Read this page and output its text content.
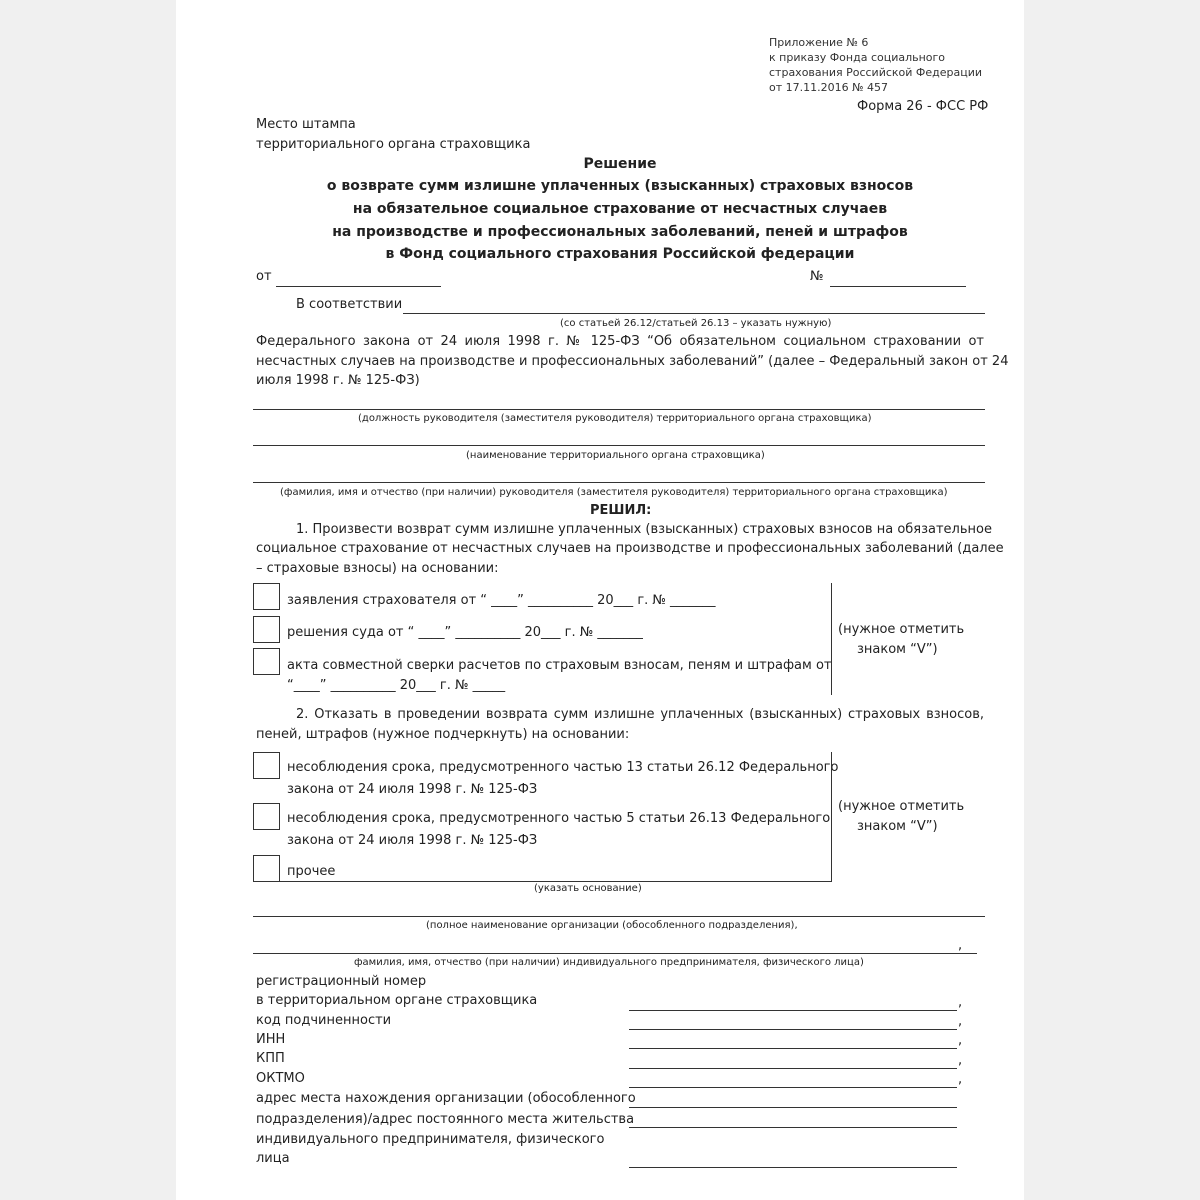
Приложение № 6
к приказу Фонда социального
страхования Российской Федерации
от 17.11.2016 № 457
Форма 26 - ФСС РФ
Место штампа
территориального органа страховщика
Решение
о возврате сумм излишне уплаченных (взысканных) страховых взносов
на обязательное социальное страхование от несчастных случаев
на производстве и профессиональных заболеваний, пеней и штрафов
в Фонд социального страхования Российской федерации
от	№
В соответствии
(со статьей 26.12/статьей 26.13 – указать нужную)
Федерального закона от 24 июля 1998 г. № 125-ФЗ “Об обязательном социальном страховании от
несчастных случаев на производстве и профессиональных заболеваний” (далее – Федеральный закон от 24
июля 1998 г. № 125-ФЗ)
(должность руководителя (заместителя руководителя) территориального органа страховщика)
(наименование территориального органа страховщика)
(фамилия, имя и отчество (при наличии) руководителя (заместителя руководителя) территориального органа страховщика)
РЕШИЛ:
1. Произвести возврат сумм излишне уплаченных (взысканных) страховых взносов на обязательное
социальное страхование от несчастных случаев на производстве и профессиональных заболеваний (далее
– страховые взносы) на основании:
заявления страхователя от “ ____” __________ 20___ г. № _______
решения суда от “ ____” __________ 20___ г. № _______
акта совместной сверки расчетов по страховым взносам, пеням и штрафам от
“____” __________ 20___ г. № _____
(нужное отметить
знаком “V”)
2. Отказать в проведении возврата сумм излишне уплаченных (взысканных) страховых взносов,
пеней, штрафов (нужное подчеркнуть) на основании:
несоблюдения срока, предусмотренного частью 13 статьи 26.12 Федерального
закона от 24 июля 1998 г. № 125-ФЗ
несоблюдения срока, предусмотренного частью 5 статьи 26.13 Федерального
закона от 24 июля 1998 г. № 125-ФЗ
прочее
(указать основание)
(нужное отметить
знаком “V”)
(полное наименование организации (обособленного подразделения),
,
фамилия, имя, отчество (при наличии) индивидуального предпринимателя, физического лица)
регистрационный номер
в территориальном органе страховщика	,
код подчиненности	,
ИНН	,
КПП	,
ОКТМО	,
адрес места нахождения организации (обособленного
подразделения)/адрес постоянного места жительства
индивидуального предпринимателя, физического
лица
